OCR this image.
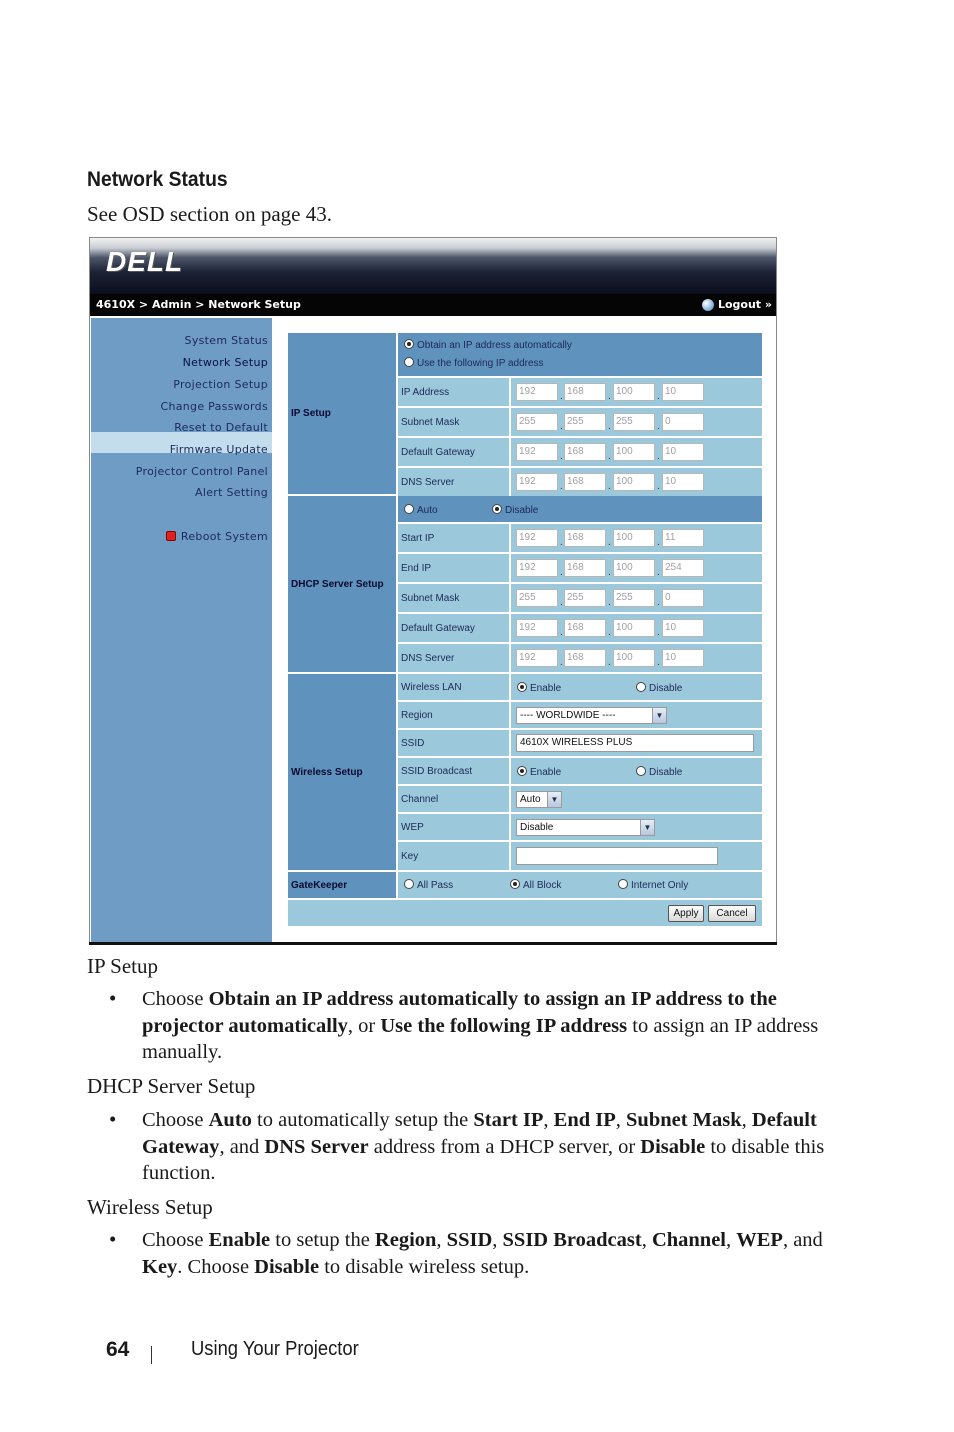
Network Status
See OSD section on page 43.
DELL
4610X > Admin > Network Setup	Logout »
System Status
Network Setup
Projection Setup
Change Passwords
Reset to Default
Firmware Update
Projector Control Panel
Alert Setting
Reboot System
IP Setup
Obtain an IP address automatically
Use the following IP address
IP Address	192	. 168	. 100	. 10
Subnet Mask	255	. 255	. 255	. 0
Default Gateway	192	. 168	. 100	. 10
DNS Server	192	. 168	. 100	. 10
DHCP Server Setup
Auto	Disable
Start IP	192	. 168	. 100	. 11
End IP	192	. 168	. 100	. 254
Subnet Mask	255	. 255	. 255	. 0
Default Gateway	192	. 168	. 100	. 10
DNS Server	192	. 168	. 100	. 10
Wireless Setup
Wireless LAN	Enable	Disable
Region	---- WORLDWIDE ----	▼
SSID	4610X WIRELESS PLUS
SSID Broadcast	Enable	Disable
Channel	Auto	▼
WEP	Disable	▼
Key
GateKeeper	All Pass	All Block	Internet Only
Apply	Cancel
IP Setup
• Choose Obtain an IP address automatically to assign an IP address to the projector automatically, or Use the following IP address to assign an IP address manually.
DHCP Server Setup
• Choose Auto to automatically setup the Start IP, End IP, Subnet Mask, Default Gateway, and DNS Server address from a DHCP server, or Disable to disable this function.
Wireless Setup
• Choose Enable to setup the Region, SSID, SSID Broadcast, Channel, WEP, and Key. Choose Disable to disable wireless setup.
64	Using Your Projector
